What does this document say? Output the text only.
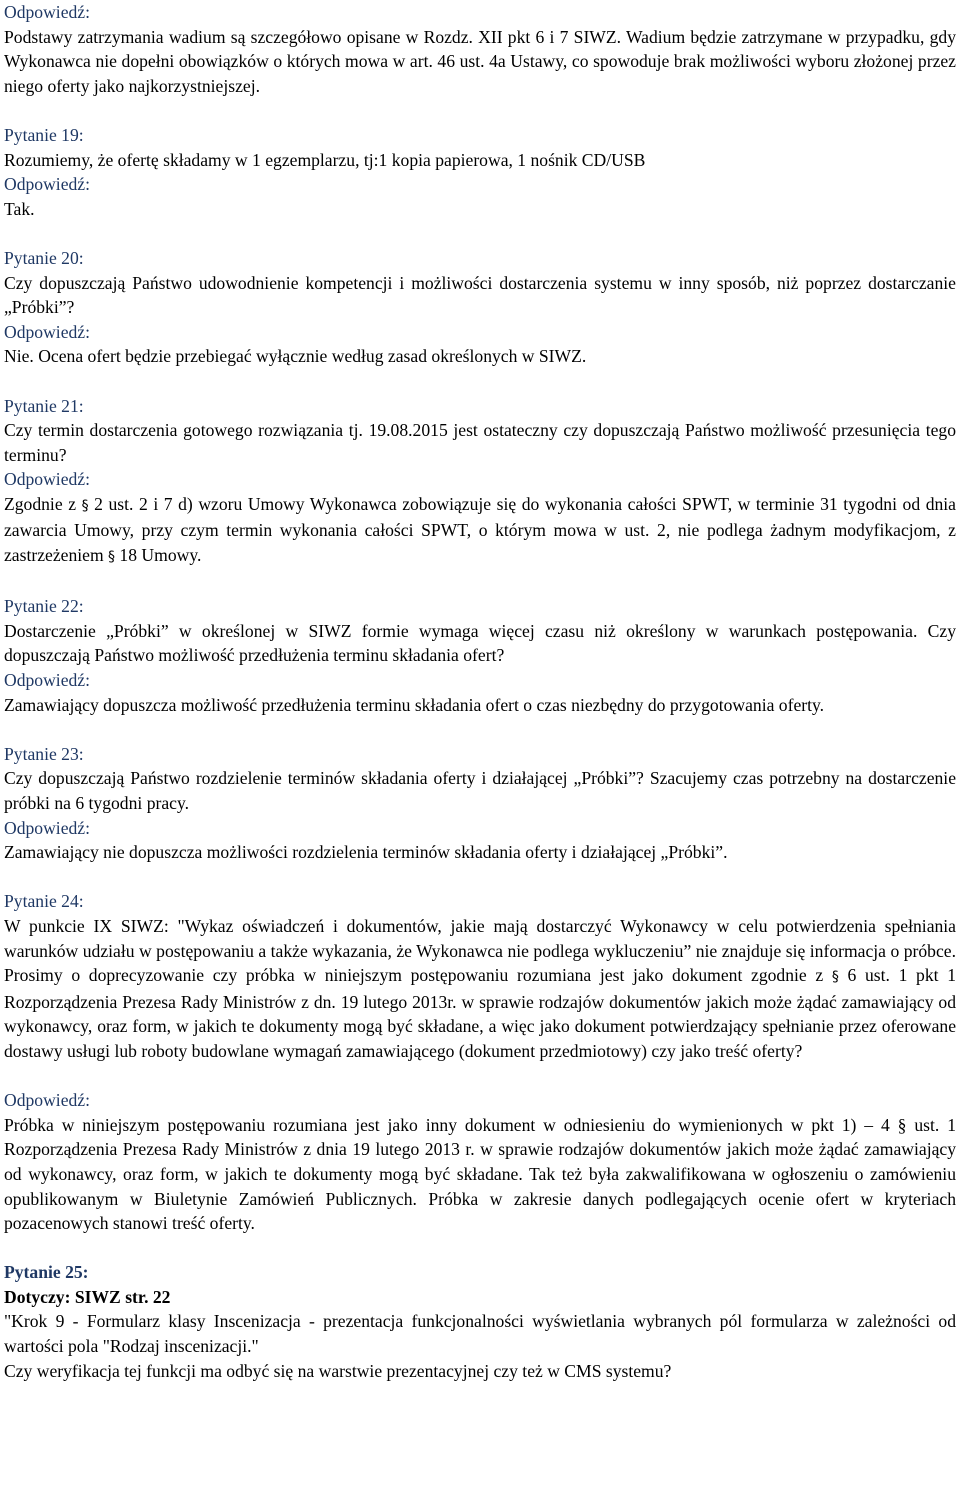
Odpowiedź:
Podstawy zatrzymania wadium są szczegółowo opisane w Rozdz. XII pkt 6 i 7 SIWZ. Wadium będzie zatrzymane w przypadku, gdy Wykonawca nie dopełni obowiązków o których mowa w art. 46 ust. 4a Ustawy, co spowoduje brak możliwości wyboru złożonej przez niego oferty jako najkorzystniejszej.
Pytanie 19:
Rozumiemy, że ofertę składamy w 1 egzemplarzu, tj:1 kopia papierowa, 1 nośnik CD/USB
Odpowiedź:
Tak.
Pytanie 20:
Czy dopuszczają Państwo udowodnienie kompetencji i możliwości dostarczenia systemu w inny sposób, niż poprzez dostarczanie „Próbki”?
Odpowiedź:
Nie. Ocena ofert będzie przebiegać wyłącznie według zasad określonych w SIWZ.
Pytanie 21:
Czy termin dostarczenia gotowego rozwiązania tj. 19.08.2015 jest ostateczny czy dopuszczają Państwo możliwość przesunięcia tego terminu?
Odpowiedź:
Zgodnie z § 2 ust. 2 i 7 d) wzoru Umowy Wykonawca zobowiązuje się do wykonania całości SPWT, w terminie 31 tygodni od dnia zawarcia Umowy, przy czym termin wykonania całości SPWT, o którym mowa w ust. 2, nie podlega żadnym modyfikacjom, z zastrzeżeniem § 18 Umowy.
Pytanie 22:
Dostarczenie „Próbki” w określonej w SIWZ formie wymaga więcej czasu niż określony w warunkach postępowania. Czy dopuszczają Państwo możliwość przedłużenia terminu składania ofert?
Odpowiedź:
Zamawiający dopuszcza możliwość przedłużenia terminu składania ofert o czas niezbędny do przygotowania oferty.
Pytanie 23:
Czy dopuszczają Państwo rozdzielenie terminów składania oferty i działającej „Próbki”? Szacujemy czas potrzebny na dostarczenie próbki na 6 tygodni pracy.
Odpowiedź:
Zamawiający nie dopuszcza możliwości rozdzielenia terminów składania oferty i działającej „Próbki”.
Pytanie 24:
W punkcie IX SIWZ: "Wykaz oświadczeń i dokumentów, jakie mają dostarczyć Wykonawcy w celu potwierdzenia spełniania warunków udziału w postępowaniu a także wykazania, że Wykonawca nie podlega wykluczeniu” nie znajduje się informacja o próbce. Prosimy o doprecyzowanie czy próbka w niniejszym postępowaniu rozumiana jest jako dokument zgodnie z § 6 ust. 1 pkt 1 Rozporządzenia Prezesa Rady Ministrów z dn. 19 lutego 2013r. w sprawie rodzajów dokumentów jakich może żądać zamawiający od wykonawcy, oraz form, w jakich te dokumenty mogą być składane, a więc jako dokument potwierdzający spełnianie przez oferowane dostawy usługi lub roboty budowlane wymagań zamawiającego (dokument przedmiotowy) czy jako treść oferty?
Odpowiedź:
Próbka w niniejszym postępowaniu rozumiana jest jako inny dokument w odniesieniu do wymienionych w pkt 1) – 4 § ust. 1 Rozporządzenia Prezesa Rady Ministrów z dnia 19 lutego 2013 r. w sprawie rodzajów dokumentów jakich może żądać zamawiający od wykonawcy, oraz form, w jakich te dokumenty mogą być składane. Tak też była zakwalifikowana w ogłoszeniu o zamówieniu opublikowanym w Biuletynie Zamówień Publicznych. Próbka w zakresie danych podlegających ocenie ofert w kryteriach pozacenowych stanowi treść oferty.
Pytanie 25:
Dotyczy: SIWZ str. 22
"Krok 9 - Formularz klasy Inscenizacja - prezentacja funkcjonalności wyświetlania wybranych pól formularza w zależności od wartości pola "Rodzaj inscenizacji."
Czy weryfikacja tej funkcji ma odbyć się na warstwie prezentacyjnej czy też w CMS systemu?
